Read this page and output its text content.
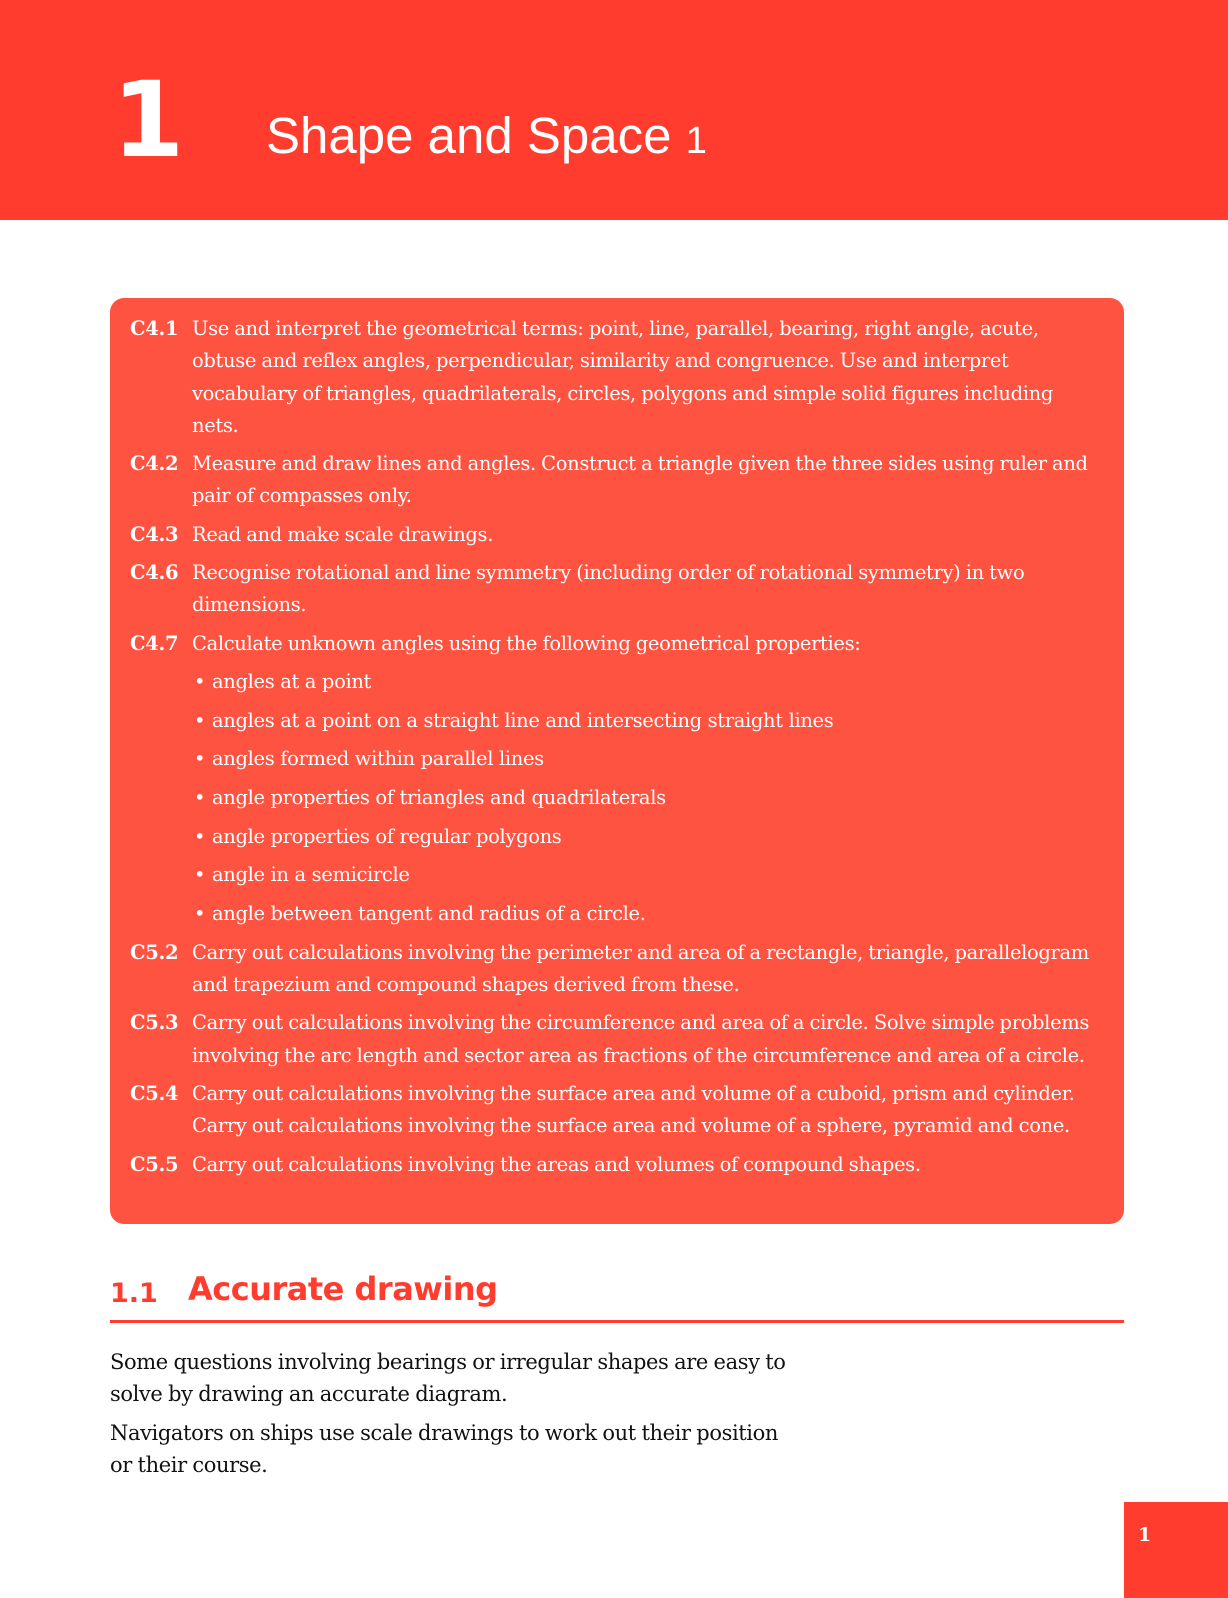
1 Shape and Space 1
C4.1 Use and interpret the geometrical terms: point, line, parallel, bearing, right angle, acute, obtuse and reflex angles, perpendicular, similarity and congruence. Use and interpret vocabulary of triangles, quadrilaterals, circles, polygons and simple solid figures including nets.
C4.2 Measure and draw lines and angles. Construct a triangle given the three sides using ruler and pair of compasses only.
C4.3 Read and make scale drawings.
C4.6 Recognise rotational and line symmetry (including order of rotational symmetry) in two dimensions.
C4.7 Calculate unknown angles using the following geometrical properties:
• angles at a point
• angles at a point on a straight line and intersecting straight lines
• angles formed within parallel lines
• angle properties of triangles and quadrilaterals
• angle properties of regular polygons
• angle in a semicircle
• angle between tangent and radius of a circle.
C5.2 Carry out calculations involving the perimeter and area of a rectangle, triangle, parallelogram and trapezium and compound shapes derived from these.
C5.3 Carry out calculations involving the circumference and area of a circle. Solve simple problems involving the arc length and sector area as fractions of the circumference and area of a circle.
C5.4 Carry out calculations involving the surface area and volume of a cuboid, prism and cylinder. Carry out calculations involving the surface area and volume of a sphere, pyramid and cone.
C5.5 Carry out calculations involving the areas and volumes of compound shapes.
1.1 Accurate drawing

Some questions involving bearings or irregular shapes are easy to solve by drawing an accurate diagram.

Navigators on ships use scale drawings to work out their position or their course.

1
